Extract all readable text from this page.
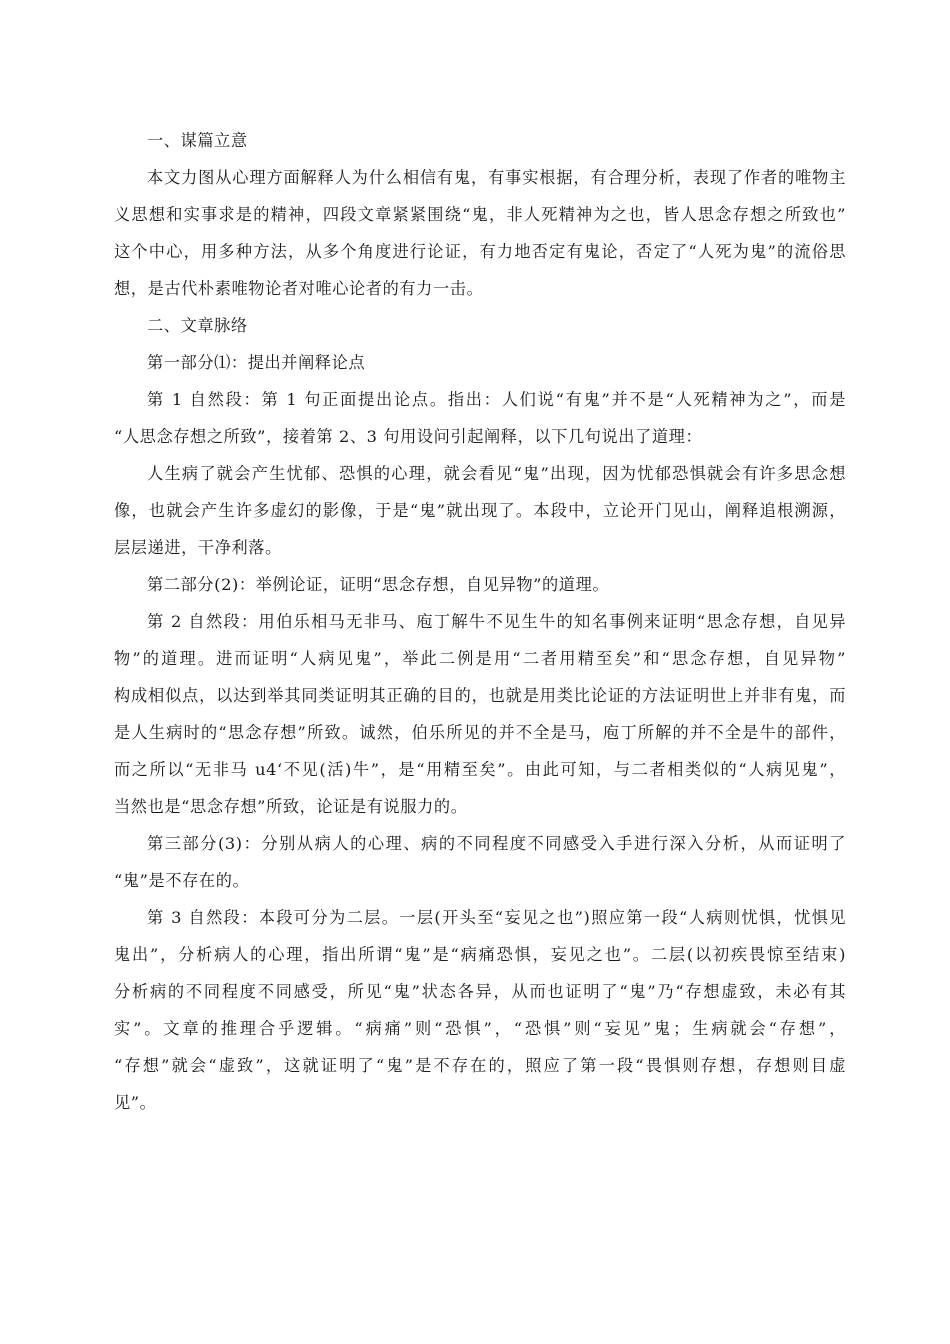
一、谋篇立意

本文力图从心理方面解释人为什么相信有鬼，有事实根据，有合理分析，表现了作者的唯物主

义思想和实事求是的精神，四段文章紧紧围绕“鬼，非人死精神为之也，皆人思念存想之所致也”

这个中心，用多种方法，从多个角度进行论证，有力地否定有鬼论，否定了“人死为鬼”的流俗思

想，是古代朴素唯物论者对唯心论者的有力一击。

二、文章脉络

第一部分⑴：提出并阐释论点

第 1 自然段：第 1 句正面提出论点。指出：人们说“有鬼”并不是“人死精神为之”，而是

“人思念存想之所致”，接着第 2、3 句用设问引起阐释，以下几句说出了道理：

人生病了就会产生忧郁、恐惧的心理，就会看见“鬼”出现，因为忧郁恐惧就会有许多思念想

像，也就会产生许多虚幻的影像，于是“鬼”就出现了。本段中，立论开门见山，阐释追根溯源，

层层递进，干净利落。

第二部分(2)：举例论证，证明“思念存想，自见异物”的道理。

第 2 自然段：用伯乐相马无非马、庖丁解牛不见生牛的知名事例来证明“思念存想，自见异

物”的道理。进而证明“人病见鬼”，举此二例是用“二者用精至矣”和“思念存想，自见异物”

构成相似点，以达到举其同类证明其正确的目的，也就是用类比论证的方法证明世上并非有鬼，而

是人生病时的“思念存想”所致。诚然，伯乐所见的并不全是马，庖丁所解的并不全是牛的部件，

而之所以“无非马 u4‘不见(活)牛”，是“用精至矣”。由此可知，与二者相类似的“人病见鬼”，

当然也是“思念存想”所致，论证是有说服力的。

第三部分(3)：分别从病人的心理、病的不同程度不同感受入手进行深入分析，从而证明了

“鬼”是不存在的。

第 3 自然段：本段可分为二层。一层(开头至“妄见之也”)照应第一段“人病则忧惧，忧惧见

鬼出”，分析病人的心理，指出所谓“鬼”是“病痛恐惧，妄见之也”。二层(以初疾畏惊至结束)

分析病的不同程度不同感受，所见“鬼”状态各异，从而也证明了“鬼”乃“存想虚致，未必有其

实”。文章的推理合乎逻辑。“病痛”则“恐惧”，“恐惧”则“妄见”鬼；生病就会“存想”，

“存想”就会“虚致”，这就证明了“鬼”是不存在的，照应了第一段“畏惧则存想，存想则目虚

见”。
